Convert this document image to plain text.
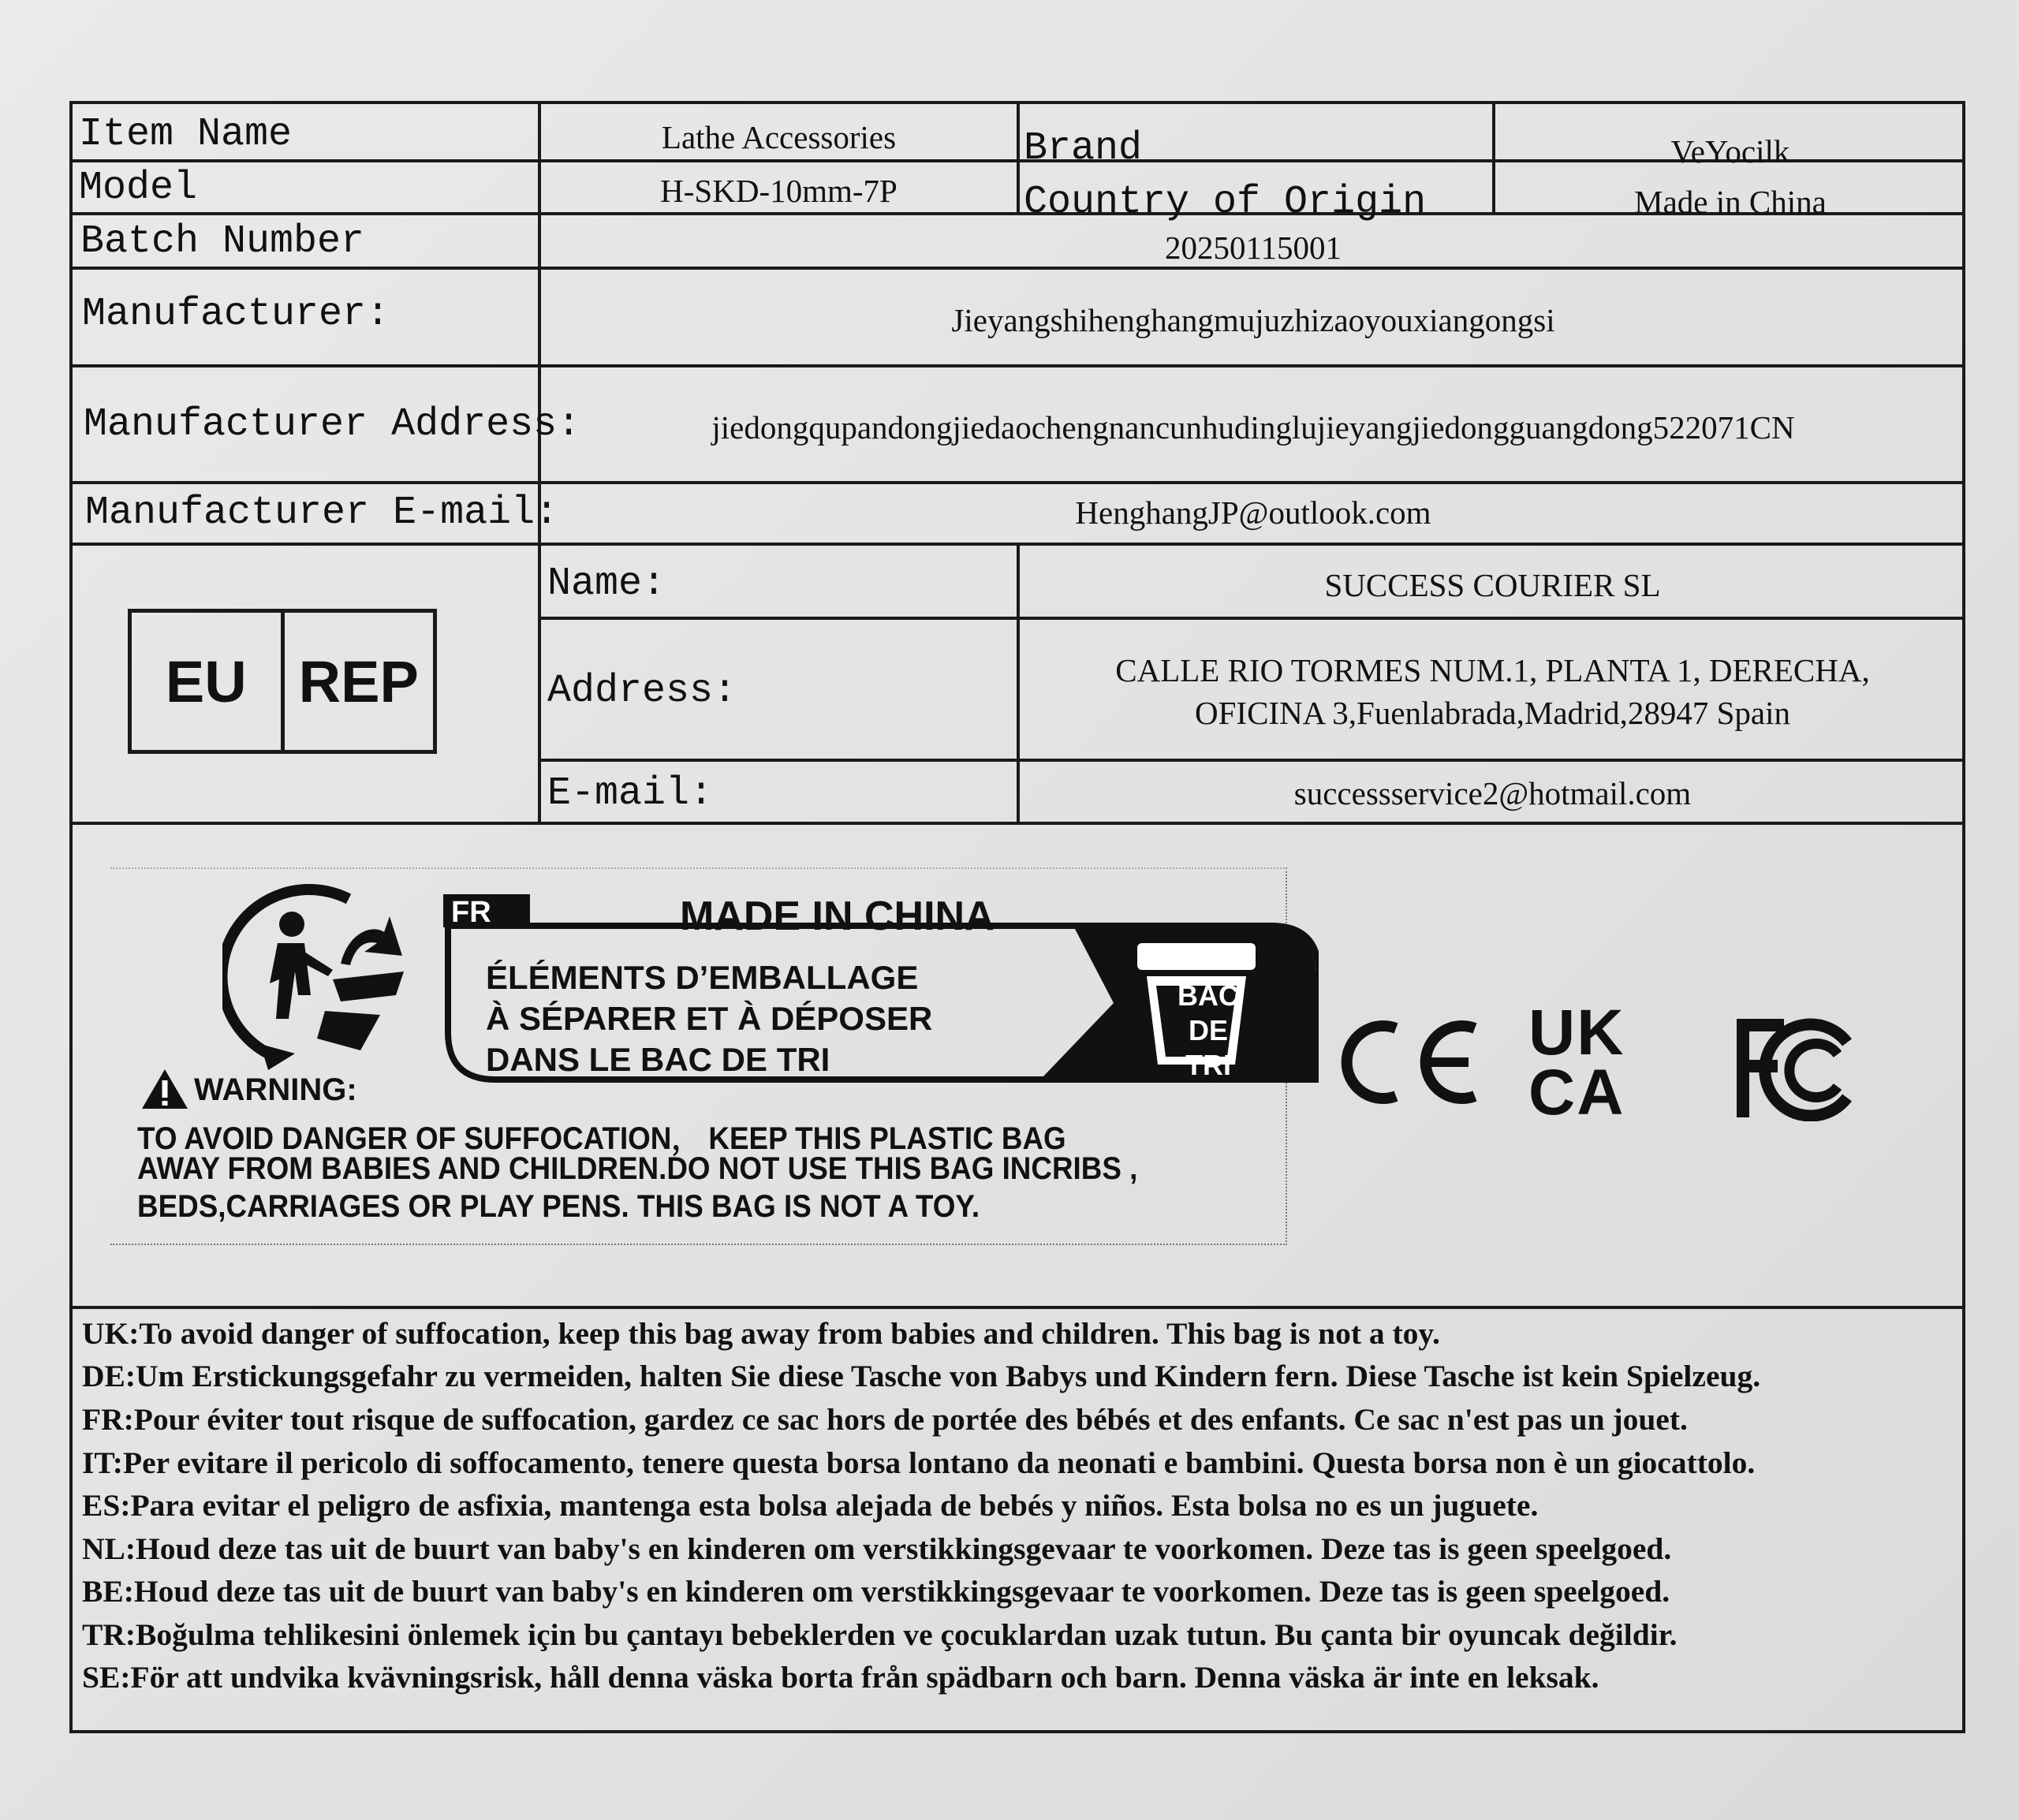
Item Name	Lathe Accessories	Brand	VeYocilk
Model	H-SKD-10mm-7P	Country of Origin	Made in China
Batch Number	20250115001
Manufacturer:	Jieyangshihenghangmujuzhizaoyouxiangongsi
Manufacturer Address:	jiedongqupandongjiedaochengnancunhudinglujieyangjiedongguangdong522071CN
Manufacturer E-mail:	HenghangJP@outlook.com
EU REP
Name:	SUCCESS COURIER SL
Address:	CALLE RIO TORMES NUM.1, PLANTA 1, DERECHA,
OFICINA 3,Fuenlabrada,Madrid,28947 Spain
E-mail:	successservice2@hotmail.com
FR	MADE IN CHINA
ÉLÉMENTS D’EMBALLAGE
À SÉPARER ET À DÉPOSER
DANS LE BAC DE TRI
BAC
DE
TRI
WARNING:
TO AVOID DANGER OF SUFFOCATION， KEEP THIS PLASTIC BAG
AWAY FROM BABIES AND CHILDREN.DO NOT USE THIS BAG INCRIBS ,
BEDS,CARRIAGES OR PLAY PENS. THIS BAG IS NOT A TOY.
CE	UK
CA
FCC
UK:To avoid danger of suffocation, keep this bag away from babies and children. This bag is not a toy.
DE:Um Erstickungsgefahr zu vermeiden, halten Sie diese Tasche von Babys und Kindern fern. Diese Tasche ist kein Spielzeug.
FR:Pour éviter tout risque de suffocation, gardez ce sac hors de portée des bébés et des enfants. Ce sac n'est pas un jouet.
IT:Per evitare il pericolo di soffocamento, tenere questa borsa lontano da neonati e bambini. Questa borsa non è un giocattolo.
ES:Para evitar el peligro de asfixia, mantenga esta bolsa alejada de bebés y niños. Esta bolsa no es un juguete.
NL:Houd deze tas uit de buurt van baby's en kinderen om verstikkingsgevaar te voorkomen. Deze tas is geen speelgoed.
BE:Houd deze tas uit de buurt van baby's en kinderen om verstikkingsgevaar te voorkomen. Deze tas is geen speelgoed.
TR:Boğulma tehlikesini önlemek için bu çantayı bebeklerden ve çocuklardan uzak tutun. Bu çanta bir oyuncak değildir.
SE:För att undvika kvävningsrisk, håll denna väska borta från spädbarn och barn. Denna väska är inte en leksak.
